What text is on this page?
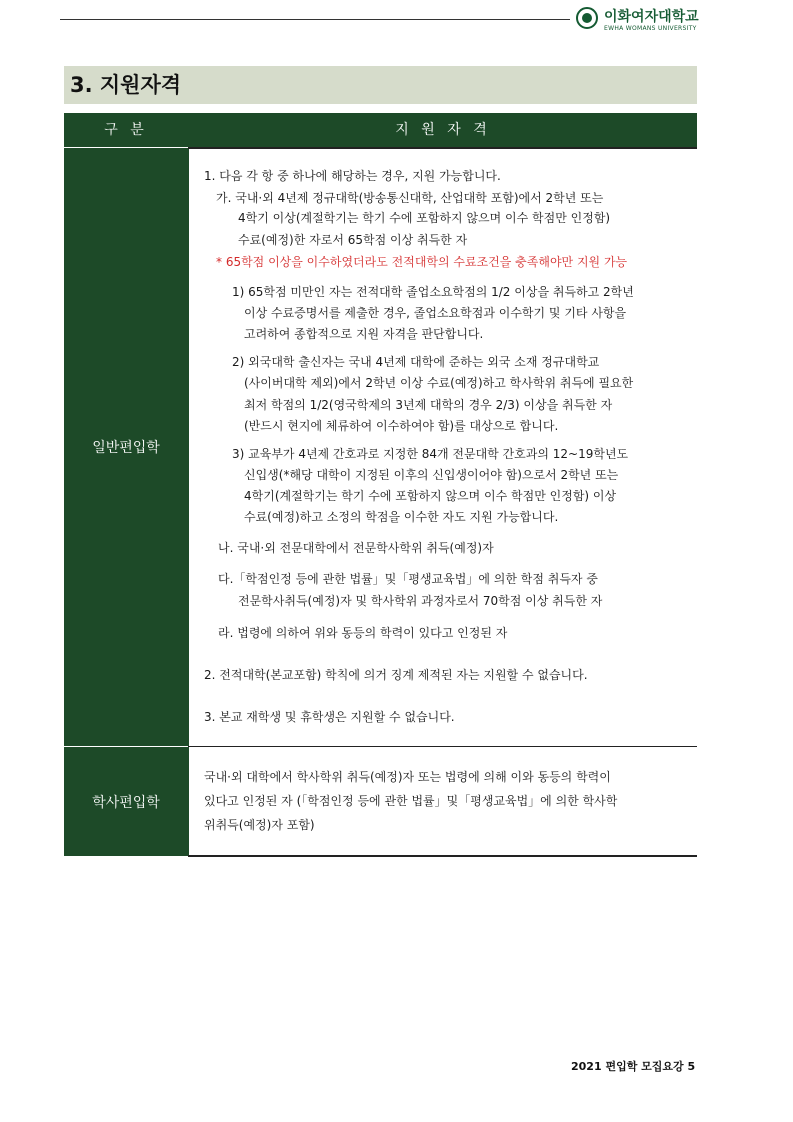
이화여자대학교
EWHA WOMANS UNIVERSITY
3. 지원자격
구 분	지 원 자 격
일반편입학
학사편입학
1. 다음 각 항 중 하나에 해당하는 경우, 지원 가능합니다.
가. 국내·외 4년제 정규대학(방송통신대학, 산업대학 포함)에서 2학년 또는
4학기 이상(계절학기는 학기 수에 포함하지 않으며 이수 학점만 인정함)
수료(예정)한 자로서 65학점 이상 취득한 자
* 65학점 이상을 이수하였더라도 전적대학의 수료조건을 충족해야만 지원 가능
1) 65학점 미만인 자는 전적대학 졸업소요학점의 1/2 이상을 취득하고 2학년
이상 수료증명서를 제출한 경우, 졸업소요학점과 이수학기 및 기타 사항을
고려하여 종합적으로 지원 자격을 판단합니다.
2) 외국대학 출신자는 국내 4년제 대학에 준하는 외국 소재 정규대학교
(사이버대학 제외)에서 2학년 이상 수료(예정)하고 학사학위 취득에 필요한
최저 학점의 1/2(영국학제의 3년제 대학의 경우 2/3) 이상을 취득한 자
(반드시 현지에 체류하여 이수하여야 함)를 대상으로 합니다.
3) 교육부가 4년제 간호과로 지정한 84개 전문대학 간호과의 12~19학년도
신입생(*해당 대학이 지정된 이후의 신입생이어야 함)으로서 2학년 또는
4학기(계절학기는 학기 수에 포함하지 않으며 이수 학점만 인정함) 이상
수료(예정)하고 소정의 학점을 이수한 자도 지원 가능합니다.
나. 국내·외 전문대학에서 전문학사학위 취득(예정)자
다.「학점인정 등에 관한 법률」및「평생교육법」에 의한 학점 취득자 중
전문학사취득(예정)자 및 학사학위 과정자로서 70학점 이상 취득한 자
라. 법령에 의하여 위와 동등의 학력이 있다고 인정된 자
2. 전적대학(본교포함) 학칙에 의거 징계 제적된 자는 지원할 수 없습니다.
3. 본교 재학생 및 휴학생은 지원할 수 없습니다.
국내·외 대학에서 학사학위 취득(예정)자 또는 법령에 의해 이와 동등의 학력이
있다고 인정된 자 (「학점인정 등에 관한 법률」및「평생교육법」에 의한 학사학
위취득(예정)자 포함)
2021 편입학 모집요강 5
